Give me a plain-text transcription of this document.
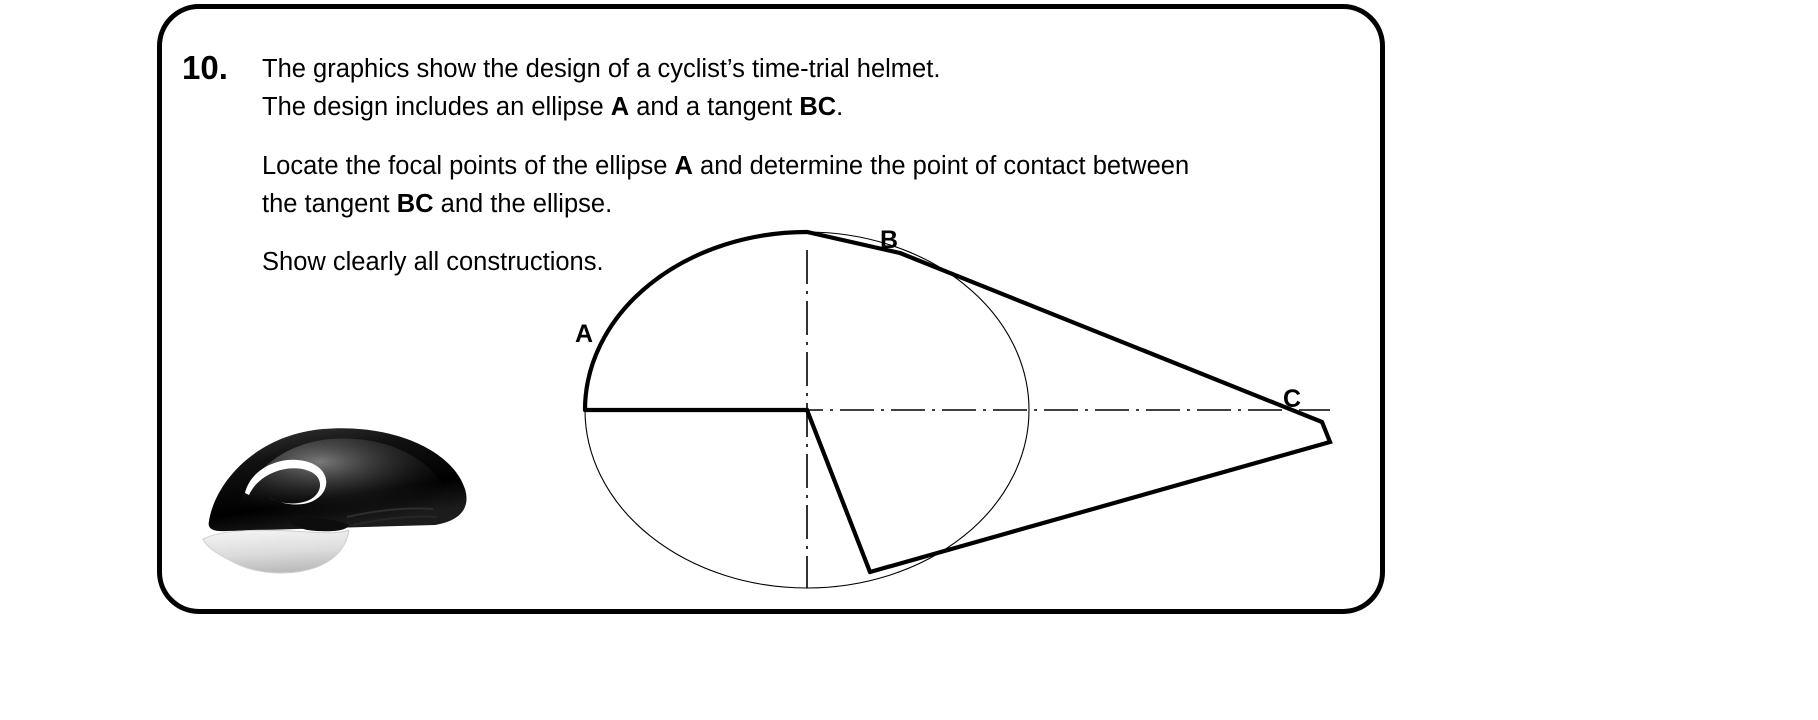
10. The graphics show the design of a cyclist’s time-trial helmet.
The design includes an ellipse A and a tangent BC.

Locate the focal points of the ellipse A and determine the point of contact between
the tangent BC and the ellipse.

Show clearly all constructions.

A
B
C
